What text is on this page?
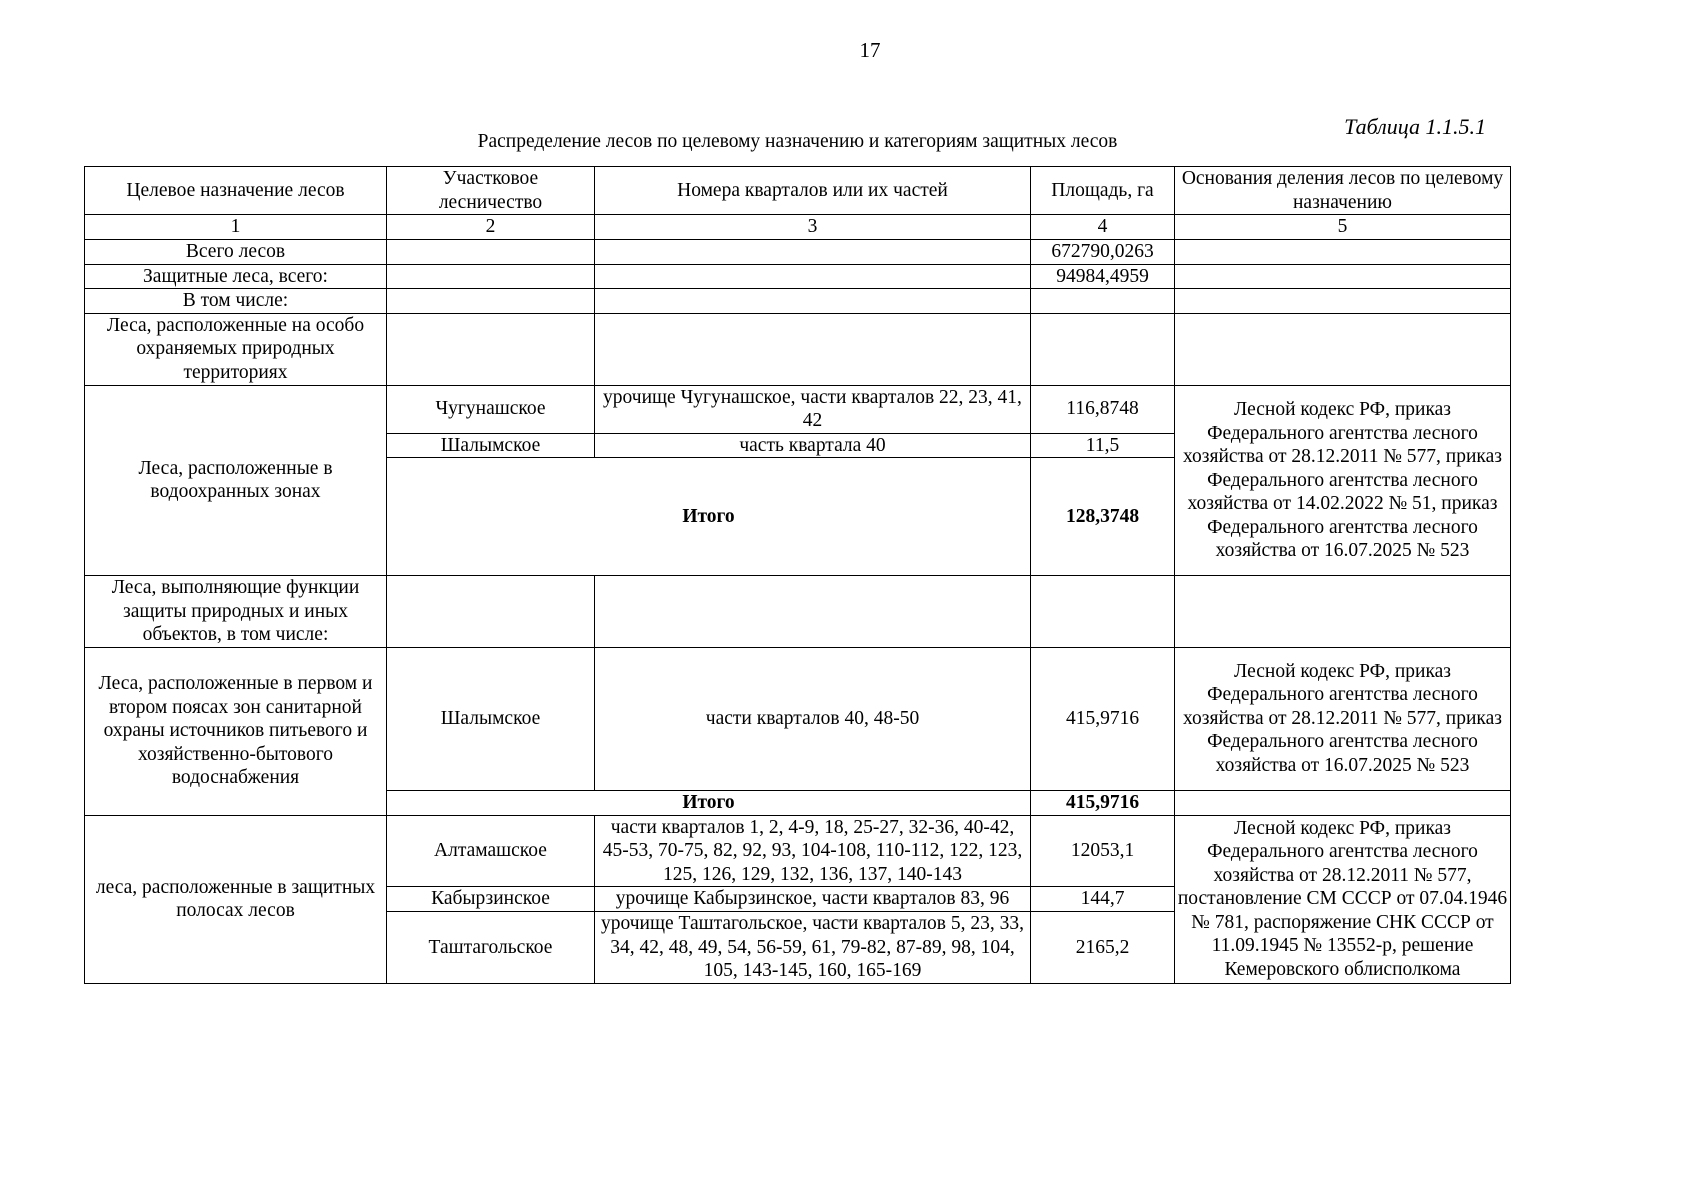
17
Таблица 1.1.5.1
Распределение лесов по целевому назначению и категориям защитных лесов
Целевое назначение лесов	Участковое лесничество	Номера кварталов или их частей	Площадь, га	Основания деления лесов по целевому назначению
1	2	3	4	5
Всего лесов			672790,0263	
Защитные леса, всего:			94984,4959	
В том числе:				
Леса, расположенные на особо охраняемых природных территориях				
Леса, расположенные в водоохранных зонах	Чугунашское	урочище Чугунашское, части кварталов 22, 23, 41, 42	116,8748	Лесной кодекс РФ, приказ Федерального агентства лесного хозяйства от 28.12.2011 № 577, приказ Федерального агентства лесного хозяйства от 14.02.2022 № 51, приказ Федерального агентства лесного хозяйства от 16.07.2025 № 523
	Шалымское	часть квартала 40	11,5	
	Итого		128,3748	
Леса, выполняющие функции защиты природных и иных объектов, в том числе:				
Леса, расположенные в первом и втором поясах зон санитарной охраны источников питьевого и хозяйственно-бытового водоснабжения	Шалымское	части кварталов 40, 48-50	415,9716	Лесной кодекс РФ, приказ Федерального агентства лесного хозяйства от 28.12.2011 № 577, приказ Федерального агентства лесного хозяйства от 16.07.2025 № 523
	Итого		415,9716	
леса, расположенные в защитных полосах лесов	Алтамашское	части кварталов 1, 2, 4-9, 18, 25-27, 32-36, 40-42, 45-53, 70-75, 82, 92, 93, 104-108, 110-112, 122, 123, 125, 126, 129, 132, 136, 137, 140-143	12053,1	Лесной кодекс РФ, приказ Федерального агентства лесного хозяйства от 28.12.2011 № 577, постановление СМ СССР от 07.04.1946 № 781, распоряжение СНК СССР от 11.09.1945 № 13552-р, решение Кемеровского облисполкома
	Кабырзинское	урочище Кабырзинское, части кварталов 83, 96	144,7	
	Таштагольское	урочище Таштагольское, части кварталов 5, 23, 33, 34, 42, 48, 49, 54, 56-59, 61, 79-82, 87-89, 98, 104, 105, 143-145, 160, 165-169	2165,2	
